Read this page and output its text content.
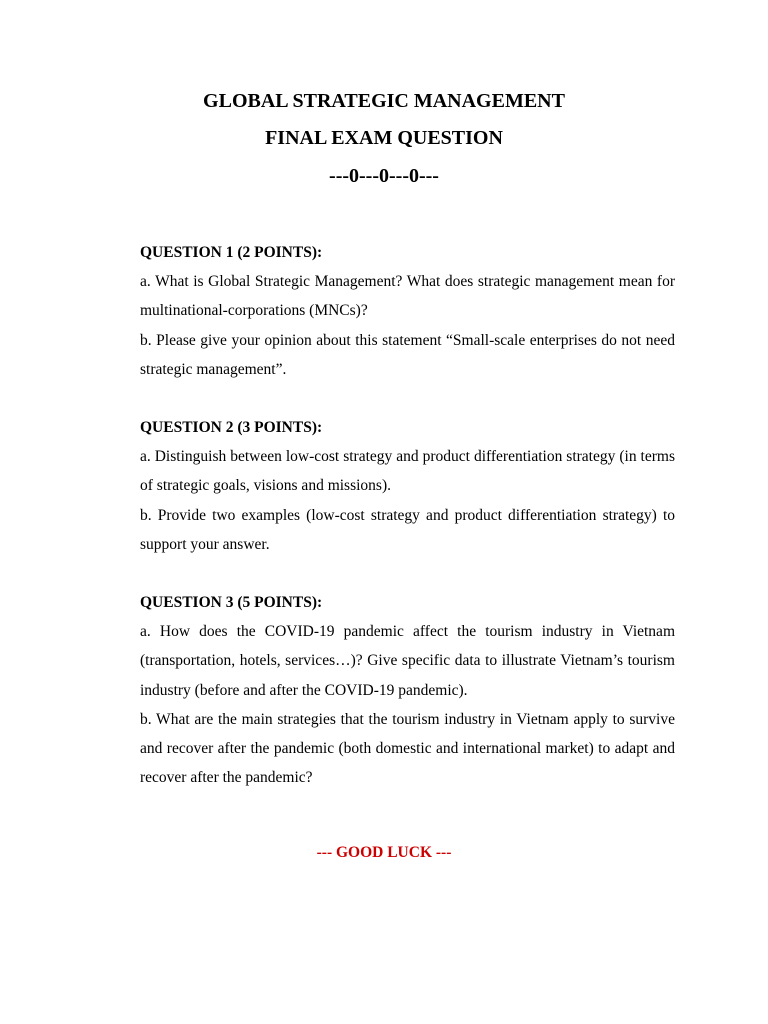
GLOBAL STRATEGIC MANAGEMENT
FINAL EXAM QUESTION
---0---0---0---

QUESTION 1 (2 POINTS):

a. What is Global Strategic Management? What does strategic management mean for multinational-corporations (MNCs)?

b. Please give your opinion about this statement “Small-scale enterprises do not need strategic management”.

QUESTION 2 (3 POINTS):

a. Distinguish between low-cost strategy and product differentiation strategy (in terms of strategic goals, visions and missions).

b. Provide two examples (low-cost strategy and product differentiation strategy) to support your answer.

QUESTION 3 (5 POINTS):

a. How does the COVID-19 pandemic affect the tourism industry in Vietnam (transportation, hotels, services…)? Give specific data to illustrate Vietnam’s tourism industry (before and after the COVID-19 pandemic).

b. What are the main strategies that the tourism industry in Vietnam apply to survive and recover after the pandemic (both domestic and international market) to adapt and recover after the pandemic?

--- GOOD LUCK ---
